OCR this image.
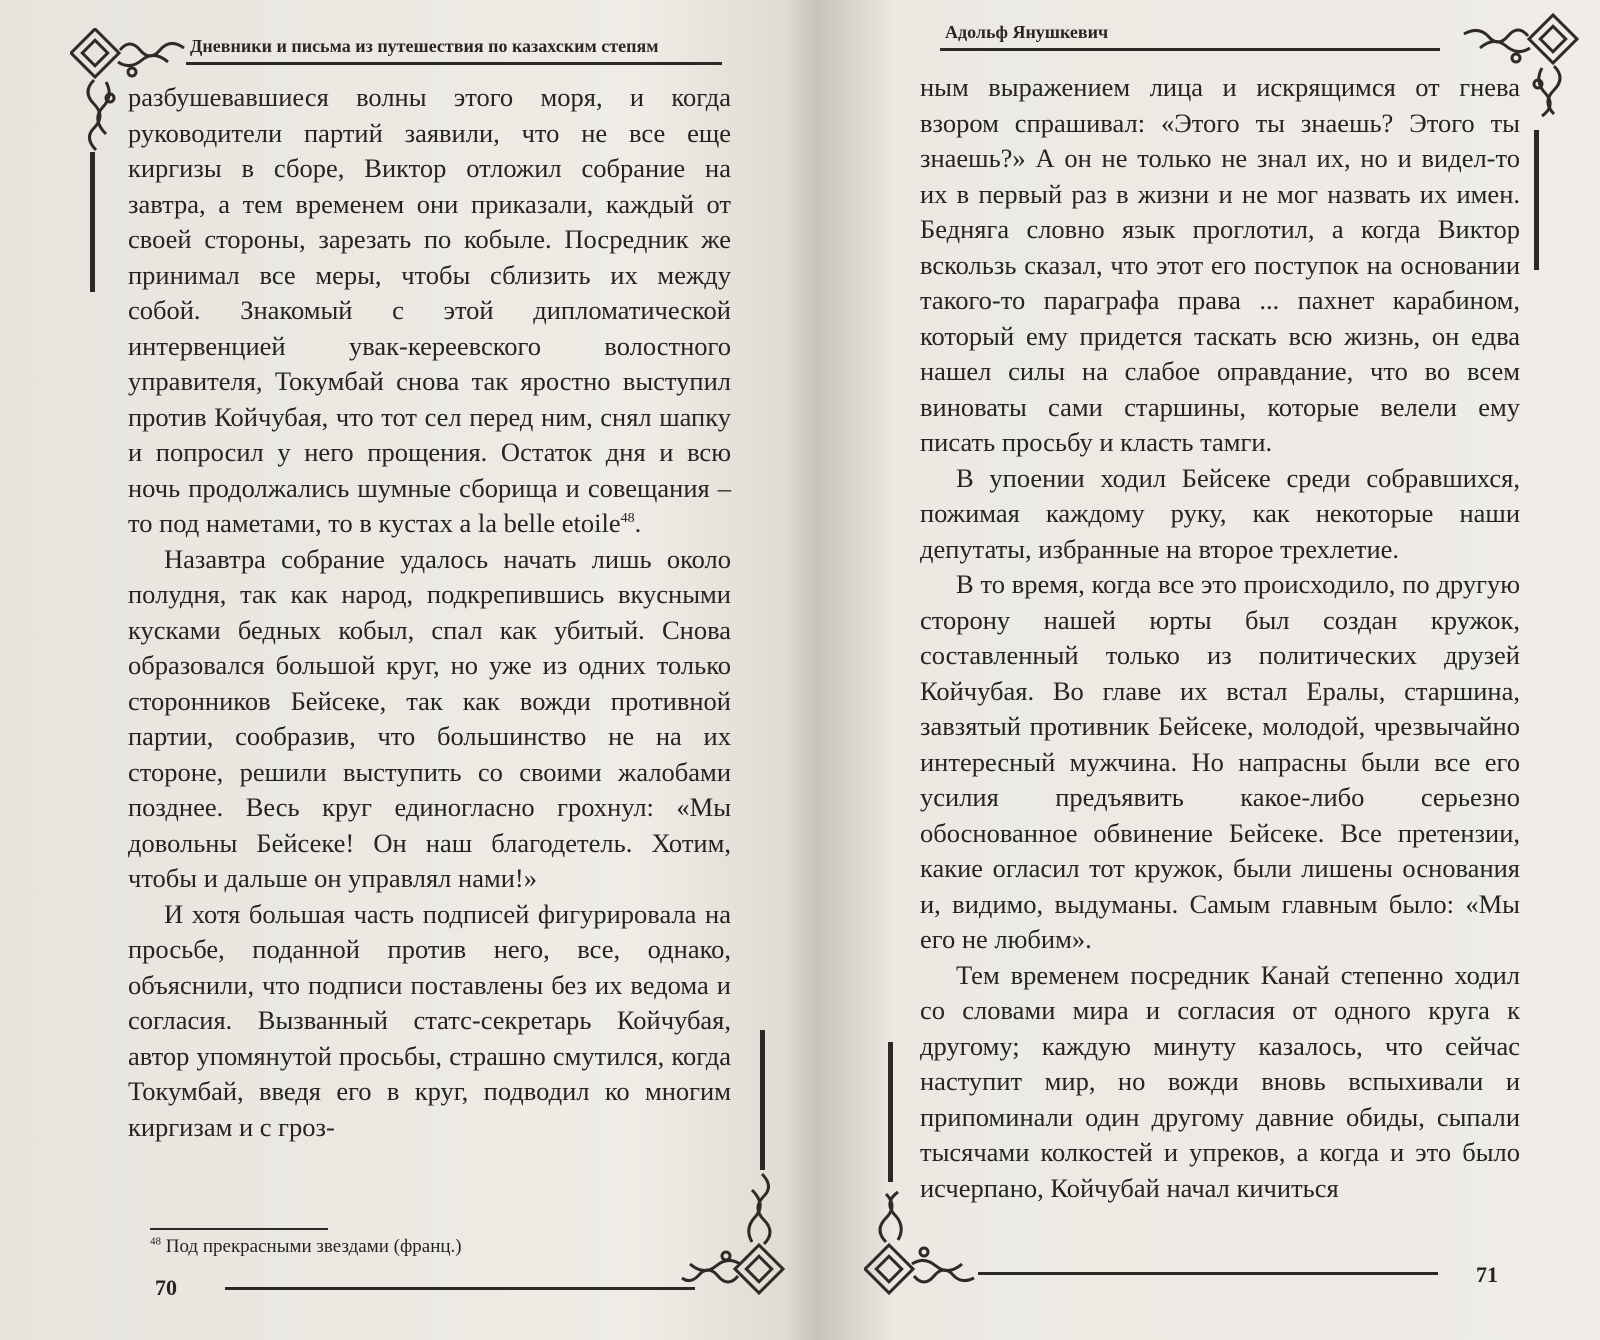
Дневники и письма из путешествия по казахским степям

разбушевавшиеся волны этого моря, и когда руководители партий заявили, что не все еще киргизы в сборе, Виктор отложил собрание на завтра, а тем временем они приказали, каждый от своей стороны, зарезать по кобыле. Посредник же принимал все меры, чтобы сблизить их между собой. Знакомый с этой дипломатической интервенцией увак-кереевского волостного управителя, Токумбай снова так яростно выступил против Койчубая, что тот сел перед ним, снял шапку и попросил у него прощения. Остаток дня и всю ночь продолжались шумные сборища и совещания – то под наметами, то в кустах a la belle etoile$^{48}$.

Назавтра собрание удалось начать лишь около полудня, так как народ, подкрепившись вкусными кусками бедных кобыл, спал как убитый. Снова образовался большой круг, но уже из одних только сторонников Бейсеке, так как вожди противной партии, сообразив, что большинство не на их стороне, решили выступить со своими жалобами позднее. Весь круг единогласно грохнул: «Мы довольны Бейсеке! Он наш благодетель. Хотим, чтобы и дальше он управлял нами!»

И хотя большая часть подписей фигурировала на просьбе, поданной против него, все, однако, объяснили, что подписи поставлены без их ведома и согласия. Вызванный статс-секретарь Койчубая, автор упомянутой просьбы, страшно смутился, когда Токумбай, введя его в круг, подводил ко многим киргизам и с гроз-

$^{48}$ Под прекрасными звездами (франц.)
70
Адольф Янушкевич

ным выражением лица и искрящимся от гнева взором спрашивал: «Этого ты знаешь? Этого ты знаешь?» А он не только не знал их, но и видел-то их в первый раз в жизни и не мог назвать их имен. Бедняга словно язык проглотил, а когда Виктор вскользь сказал, что этот его поступок на основании такого-то параграфа права ... пахнет карабином, который ему придется таскать всю жизнь, он едва нашел силы на слабое оправдание, что во всем виноваты сами старшины, которые велели ему писать просьбу и класть тамги.

В упоении ходил Бейсеке среди собравшихся, пожимая каждому руку, как некоторые наши депутаты, избранные на второе трехлетие.

В то время, когда все это происходило, по другую сторону нашей юрты был создан кружок, составленный только из политических друзей Койчубая. Во главе их встал Ералы, старшина, завзятый противник Бейсеке, молодой, чрезвычайно интересный мужчина. Но напрасны были все его усилия предъявить какое-либо серьезно обоснованное обвинение Бейсеке. Все претензии, какие огласил тот кружок, были лишены основания и, видимо, выдуманы. Самым главным было: «Мы его не любим».

Тем временем посредник Канай степенно ходил со словами мира и согласия от одного круга к другому; каждую минуту казалось, что сейчас наступит мир, но вожди вновь вспыхивали и припоминали один другому давние обиды, сыпали тысячами колкостей и упреков, а когда и это было исчерпано, Койчубай начал кичиться

71
